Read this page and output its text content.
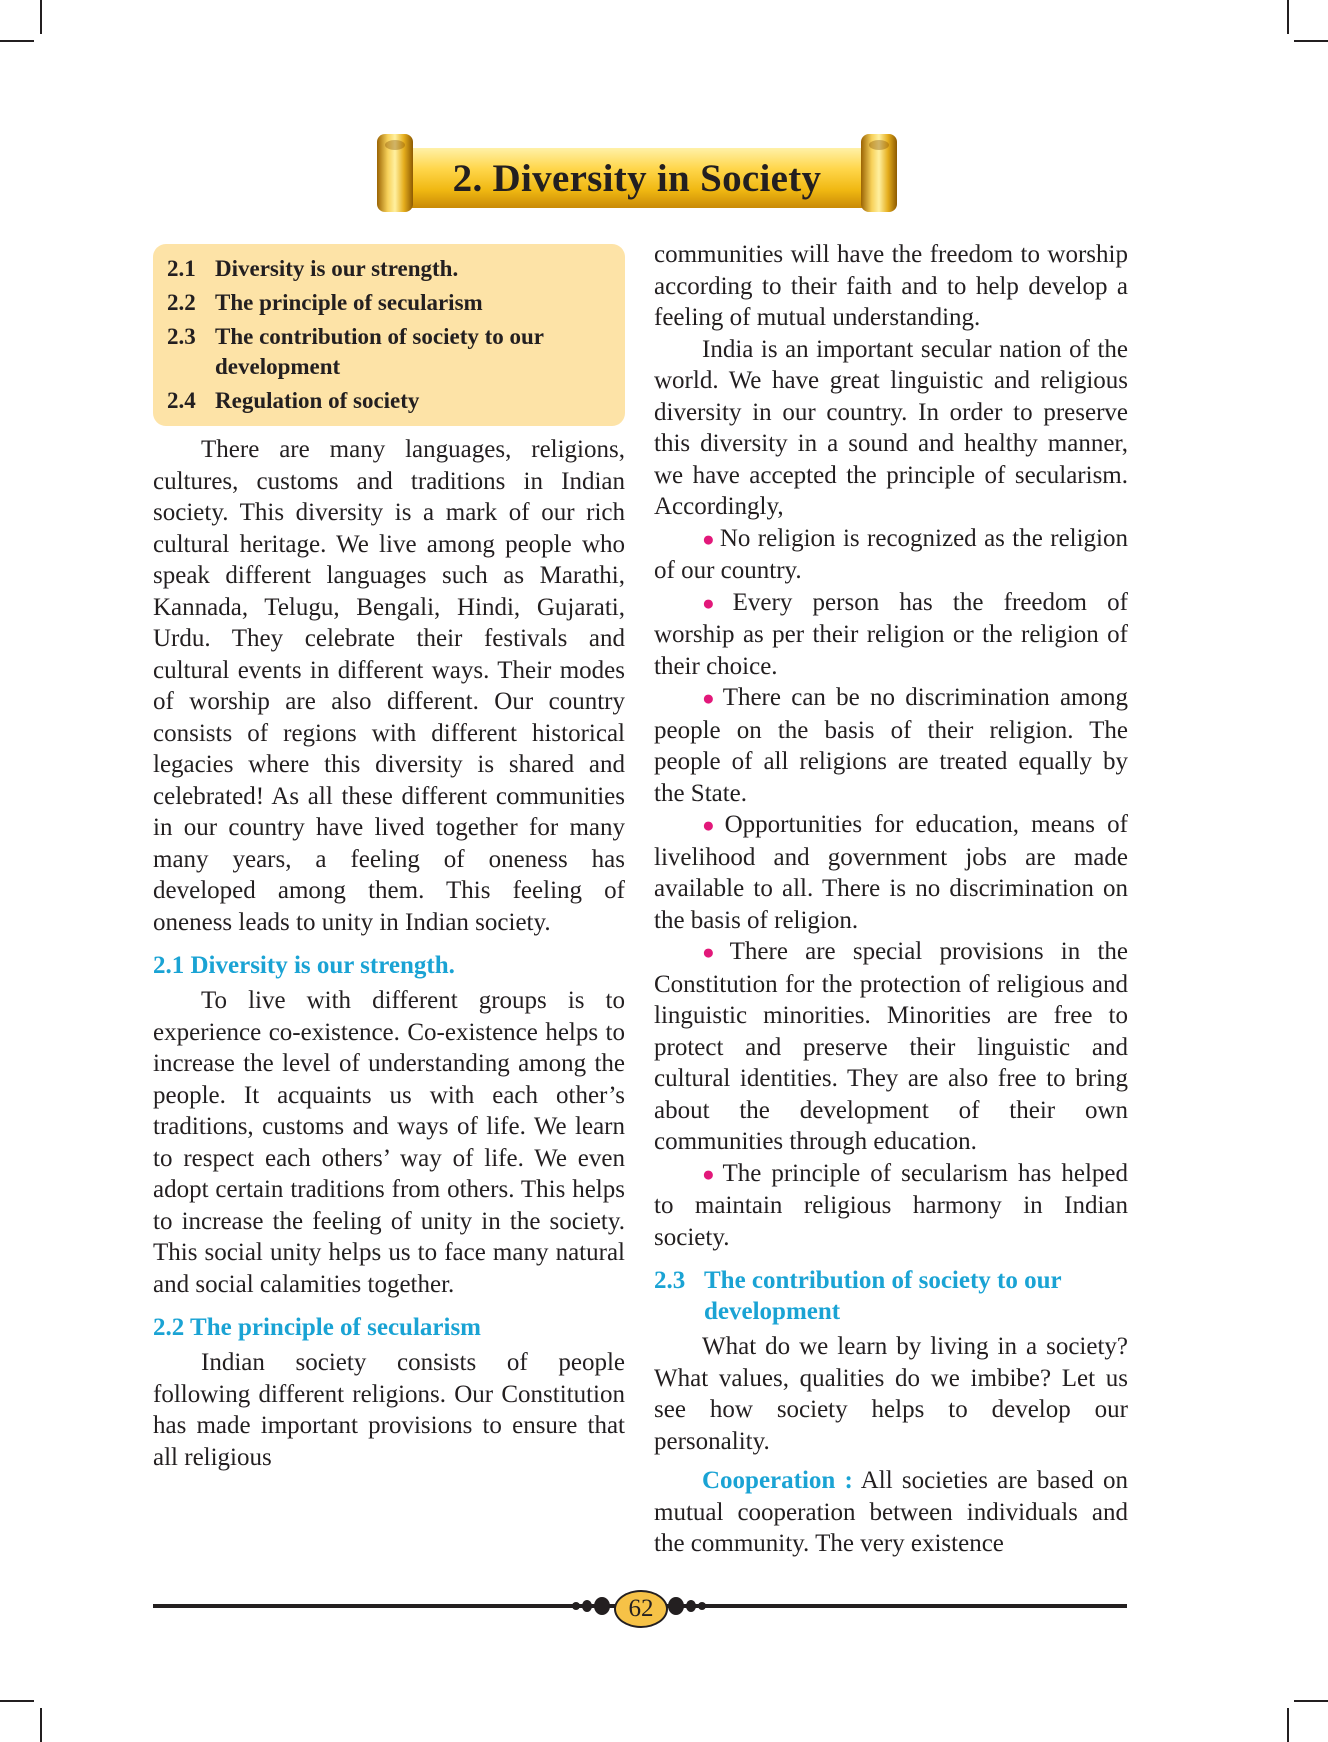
2. Diversity in Society
2.1 Diversity is our strength.
2.2 The principle of secularism
2.3 The contribution of society to our development
2.4 Regulation of society

There are many languages, religions, cultures, customs and traditions in Indian society. This diversity is a mark of our rich cultural heritage. We live among people who speak different languages such as Marathi, Kannada, Telugu, Bengali, Hindi, Gujarati, Urdu. They celebrate their festivals and cultural events in different ways. Their modes of worship are also different. Our country consists of regions with different historical legacies where this diversity is shared and celebrated! As all these different communities in our country have lived together for many many years, a feeling of oneness has developed among them. This feeling of oneness leads to unity in Indian society.

2.1 Diversity is our strength.

To live with different groups is to experience co-existence. Co-existence helps to increase the level of understanding among the people. It acquaints us with each other’s traditions, customs and ways of life. We learn to respect each others’ way of life. We even adopt certain traditions from others. This helps to increase the feeling of unity in the society. This social unity helps us to face many natural and social calamities together.

2.2 The principle of secularism

Indian society consists of people following different religions. Our Constitution has made important provisions to ensure that all religious

communities will have the freedom to worship according to their faith and to help develop a feeling of mutual understanding.

India is an important secular nation of the world. We have great linguistic and religious diversity in our country. In order to preserve this diversity in a sound and healthy manner, we have accepted the principle of secularism. Accordingly,

● No religion is recognized as the religion of our country.

● Every person has the freedom of worship as per their religion or the religion of their choice.

● There can be no discrimination among people on the basis of their religion. The people of all religions are treated equally by the State.

● Opportunities for education, means of livelihood and government jobs are made available to all. There is no discrimination on the basis of religion.

● There are special provisions in the Constitution for the protection of religious and linguistic minorities. Minorities are free to protect and preserve their linguistic and cultural identities. They are also free to bring about the development of their own communities through education.

● The principle of secularism has helped to maintain religious harmony in Indian society.

2.3 The contribution of society to our development

What do we learn by living in a society? What values, qualities do we imbibe? Let us see how society helps to develop our personality.

Cooperation : All societies are based on mutual cooperation between individuals and the community. The very existence

62
